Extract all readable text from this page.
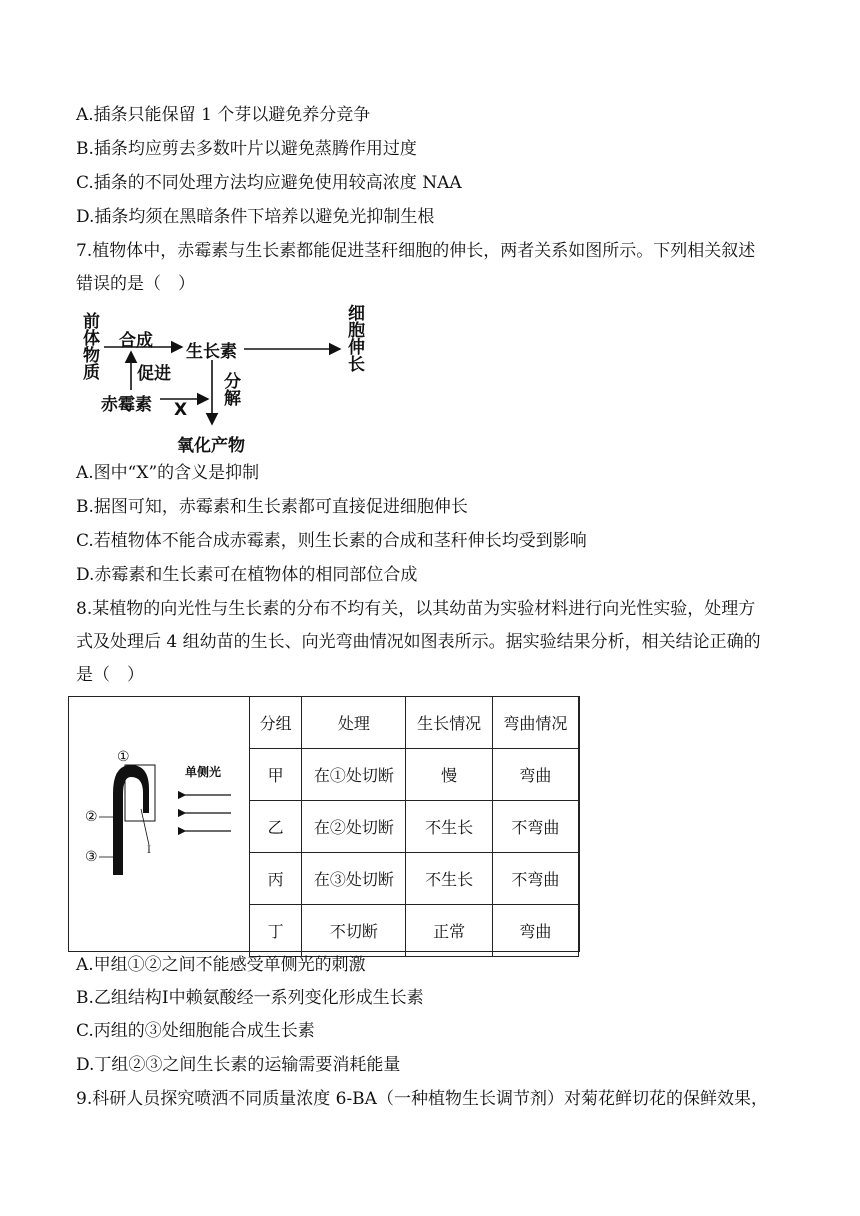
A.插条只能保留 1 个芽以避免养分竞争
B.插条均应剪去多数叶片以避免蒸腾作用过度
C.插条的不同处理方法均应避免使用较高浓度 NAA
D.插条均须在黑暗条件下培养以避免光抑制生根
7.植物体中，赤霉素与生长素都能促进茎秆细胞的伸长，两者关系如图所示。下列相关叙述
错误的是（　）
前体物质 合成
促进
生长素
赤霉素 X
分解
氧化产物
细胞伸长
A.图中“X”的含义是抑制
B.据图可知，赤霉素和生长素都可直接促进细胞伸长
C.若植物体不能合成赤霉素，则生长素的合成和茎秆伸长均受到影响
D.赤霉素和生长素可在植物体的相同部位合成
8.某植物的向光性与生长素的分布不均有关，以其幼苗为实验材料进行向光性实验，处理方
式及处理后 4 组幼苗的生长、向光弯曲情况如图表所示。据实验结果分析，相关结论正确的
是（　）
①
②
③	I
单侧光
分组	处理	生长情况	弯曲情况
甲	在①处切断	慢	弯曲
乙	在②处切断	不生长	不弯曲
丙	在③处切断	不生长	不弯曲
丁	不切断	正常	弯曲
A.甲组①②之间不能感受单侧光的刺激
B.乙组结构Ⅰ中赖氨酸经一系列变化形成生长素
C.丙组的③处细胞能合成生长素
D.丁组②③之间生长素的运输需要消耗能量
9.科研人员探究喷洒不同质量浓度 6-BA（一种植物生长调节剂）对菊花鲜切花的保鲜效果，
